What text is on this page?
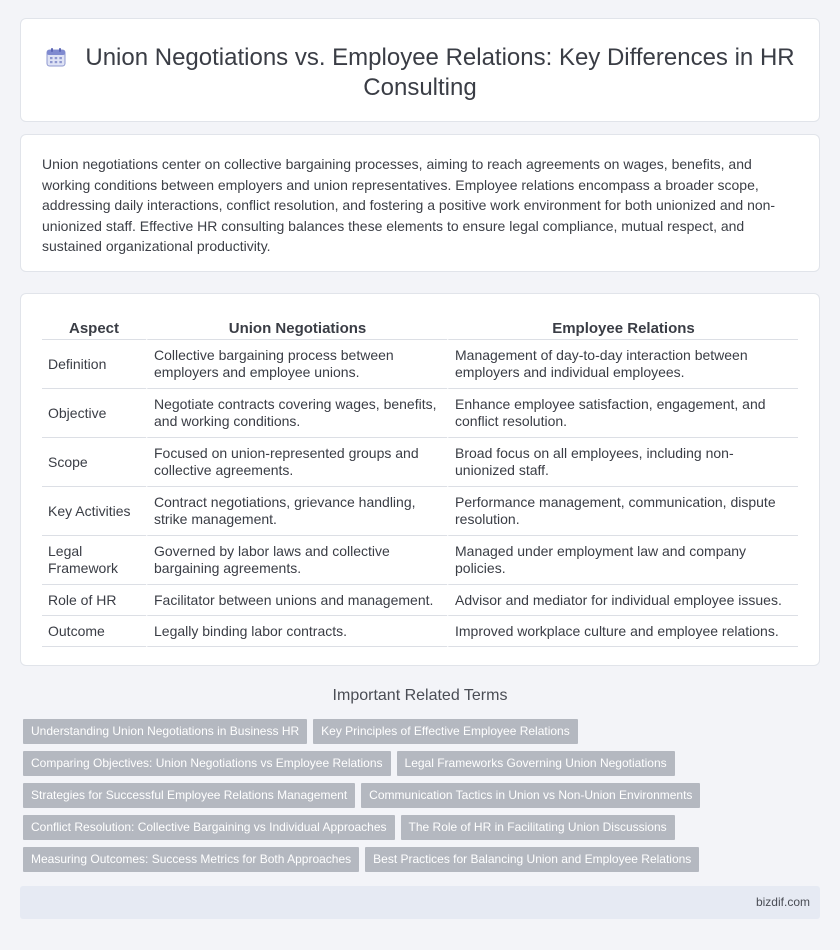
Union Negotiations vs. Employee Relations: Key Differences in HR Consulting

Union negotiations center on collective bargaining processes, aiming to reach agreements on wages, benefits, and working conditions between employers and union representatives. Employee relations encompass a broader scope, addressing daily interactions, conflict resolution, and fostering a positive work environment for both unionized and non-unionized staff. Effective HR consulting balances these elements to ensure legal compliance, mutual respect, and sustained organizational productivity.

Aspect	Union Negotiations	Employee Relations
Definition	Collective bargaining process between employers and employee unions.	Management of day-to-day interaction between employers and individual employees.
Objective	Negotiate contracts covering wages, benefits, and working conditions.	Enhance employee satisfaction, engagement, and conflict resolution.
Scope	Focused on union-represented groups and collective agreements.	Broad focus on all employees, including non-unionized staff.
Key Activities	Contract negotiations, grievance handling, strike management.	Performance management, communication, dispute resolution.
Legal Framework	Governed by labor laws and collective bargaining agreements.	Managed under employment law and company policies.
Role of HR	Facilitator between unions and management.	Advisor and mediator for individual employee issues.
Outcome	Legally binding labor contracts.	Improved workplace culture and employee relations.
Important Related Terms
Understanding Union Negotiations in Business HR Key Principles of Effective Employee Relations
Comparing Objectives: Union Negotiations vs Employee Relations Legal Frameworks Governing Union Negotiations
Strategies for Successful Employee Relations Management Communication Tactics in Union vs Non-Union Environments
Conflict Resolution: Collective Bargaining vs Individual Approaches The Role of HR in Facilitating Union Discussions
Measuring Outcomes: Success Metrics for Both Approaches Best Practices for Balancing Union and Employee Relations
bizdif.com
